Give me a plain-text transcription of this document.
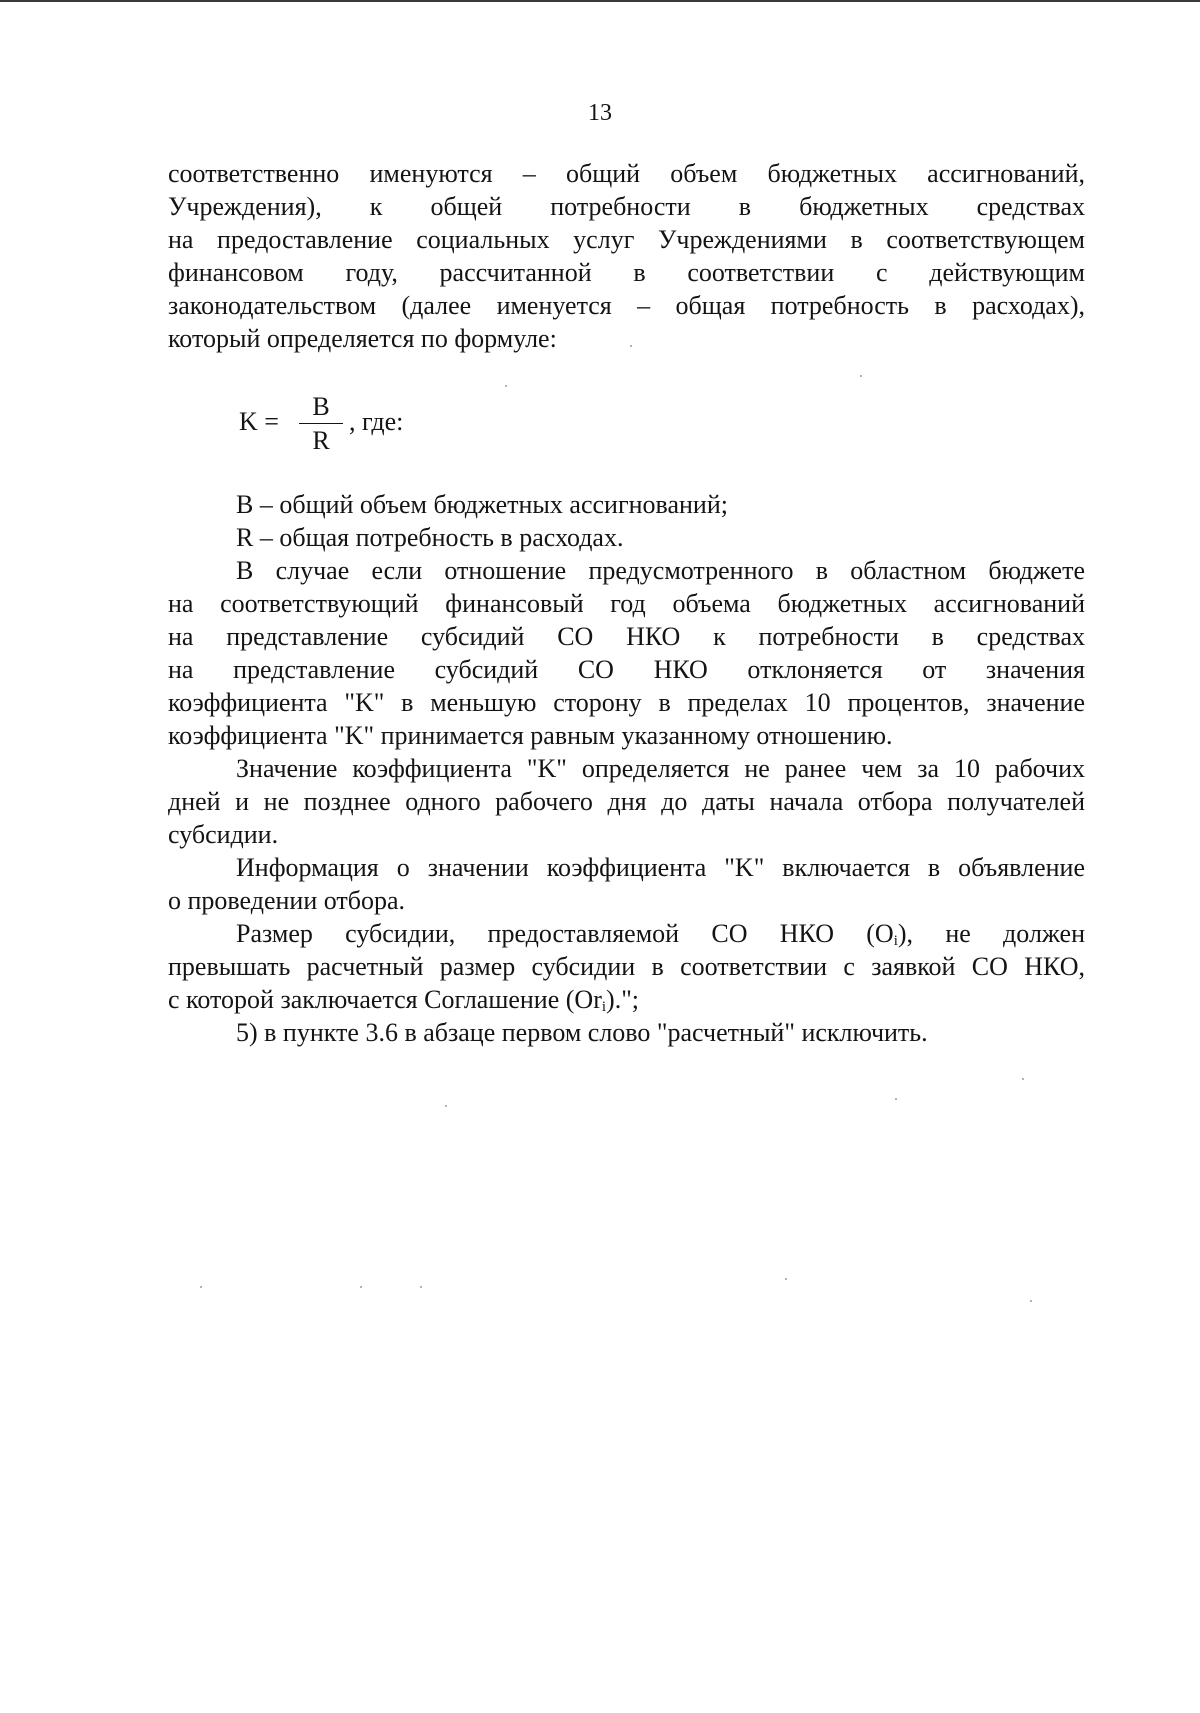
13

соответственно именуются – общий объем бюджетных ассигнований,

Учреждения), к общей потребности в бюджетных средствах

на предоставление социальных услуг Учреждениями в соответствующем

финансовом году, рассчитанной в соответствии с действующим

законодательством (далее именуется – общая потребность в расходах),

который определяется по формуле:

K =
B
R
, где:

B – общий объем бюджетных ассигнований;

R – общая потребность в расходах.

В случае если отношение предусмотренного в областном бюджете

на соответствующий финансовый год объема бюджетных ассигнований

на представление субсидий СО НКО к потребности в средствах

на представление субсидий СО НКО отклоняется от значения

коэффициента "K" в меньшую сторону в пределах 10 процентов, значение

коэффициента "K" принимается равным указанному отношению.

Значение коэффициента "K" определяется не ранее чем за 10 рабочих

дней и не позднее одного рабочего дня до даты начала отбора получателей

субсидии.

Информация о значении коэффициента "K" включается в объявление

о проведении отбора.

Размер субсидии, предоставляемой СО НКО $(O_i)$, не должен

превышать расчетный размер субсидии в соответствии с заявкой СО НКО,

с которой заключается Соглашение $(Or_i)$.";

5) в пункте 3.6 в абзаце первом слово "расчетный" исключить.
